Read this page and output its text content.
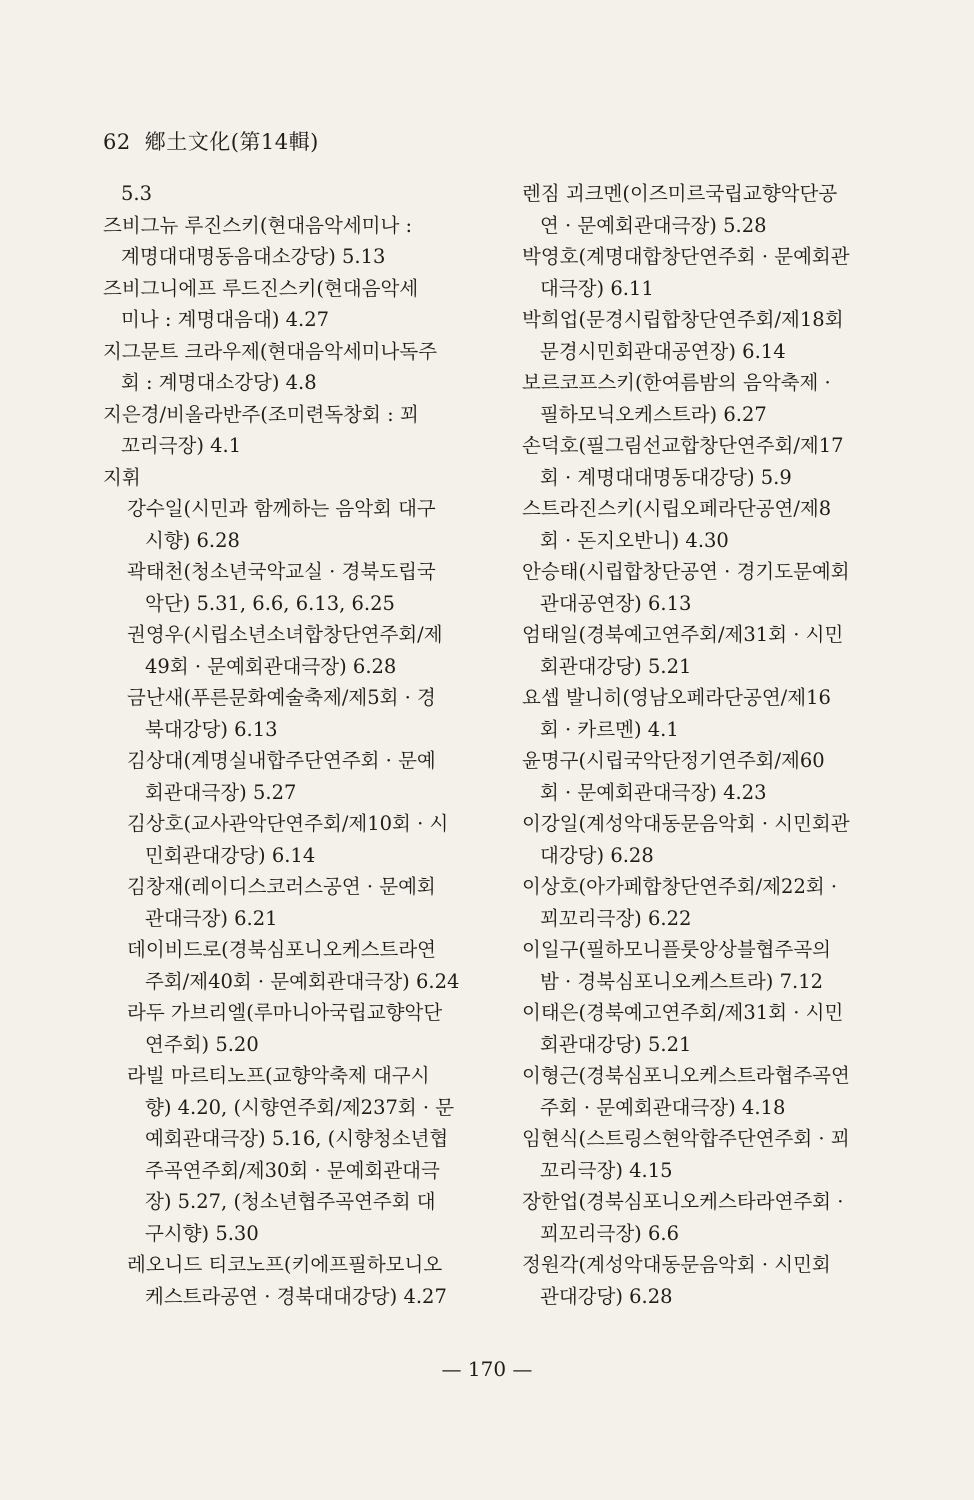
62 鄕土文化(第14輯)
5.3
즈비그뉴 루진스키(현대음악세미나 :
계명대대명동음대소강당) 5.13
즈비그니에프 루드진스키(현대음악세
미나 : 계명대음대) 4.27
지그문트 크라우제(현대음악세미나독주
회 : 계명대소강당) 4.8
지은경/비올라반주(조미련독창회 : 꾀
꼬리극장) 4.1
지휘
강수일(시민과 함께하는 음악회 대구
시향) 6.28
곽태천(청소년국악교실 · 경북도립국
악단) 5.31, 6.6, 6.13, 6.25
권영우(시립소년소녀합창단연주회/제
49회 · 문예회관대극장) 6.28
금난새(푸른문화예술축제/제5회 · 경
북대강당) 6.13
김상대(계명실내합주단연주회 · 문예
회관대극장) 5.27
김상호(교사관악단연주회/제10회 · 시
민회관대강당) 6.14
김창재(레이디스코러스공연 · 문예회
관대극장) 6.21
데이비드로(경북심포니오케스트라연
주회/제40회 · 문예회관대극장) 6.24
라두 가브리엘(루마니아국립교향악단
연주회) 5.20
라빌 마르티노프(교향악축제 대구시
향) 4.20, (시향연주회/제237회 · 문
예회관대극장) 5.16, (시향청소년협
주곡연주회/제30회 · 문예회관대극
장) 5.27, (청소년협주곡연주회 대
구시향) 5.30
레오니드 티코노프(키에프필하모니오
케스트라공연 · 경북대대강당) 4.27
렌짐 괴크멘(이즈미르국립교향악단공
연 · 문예회관대극장) 5.28
박영호(계명대합창단연주회 · 문예회관
대극장) 6.11
박희업(문경시립합창단연주회/제18회
문경시민회관대공연장) 6.14
보르코프스키(한여름밤의 음악축제 ·
필하모닉오케스트라) 6.27
손덕호(필그림선교합창단연주회/제17
회 · 계명대대명동대강당) 5.9
스트라진스키(시립오페라단공연/제8
회 · 돈지오반니) 4.30
안승태(시립합창단공연 · 경기도문예회
관대공연장) 6.13
엄태일(경북예고연주회/제31회 · 시민
회관대강당) 5.21
요셉 발니히(영남오페라단공연/제16
회 · 카르멘) 4.1
윤명구(시립국악단정기연주회/제60
회 · 문예회관대극장) 4.23
이강일(계성악대동문음악회 · 시민회관
대강당) 6.28
이상호(아가페합창단연주회/제22회 ·
꾀꼬리극장) 6.22
이일구(필하모니플룻앙상블협주곡의
밤 · 경북심포니오케스트라) 7.12
이태은(경북예고연주회/제31회 · 시민
회관대강당) 5.21
이형근(경북심포니오케스트라협주곡연
주회 · 문예회관대극장) 4.18
임현식(스트링스현악합주단연주회 · 꾀
꼬리극장) 4.15
장한업(경북심포니오케스타라연주회 ·
꾀꼬리극장) 6.6
정원각(계성악대동문음악회 · 시민회
관대강당) 6.28
— 170 —
